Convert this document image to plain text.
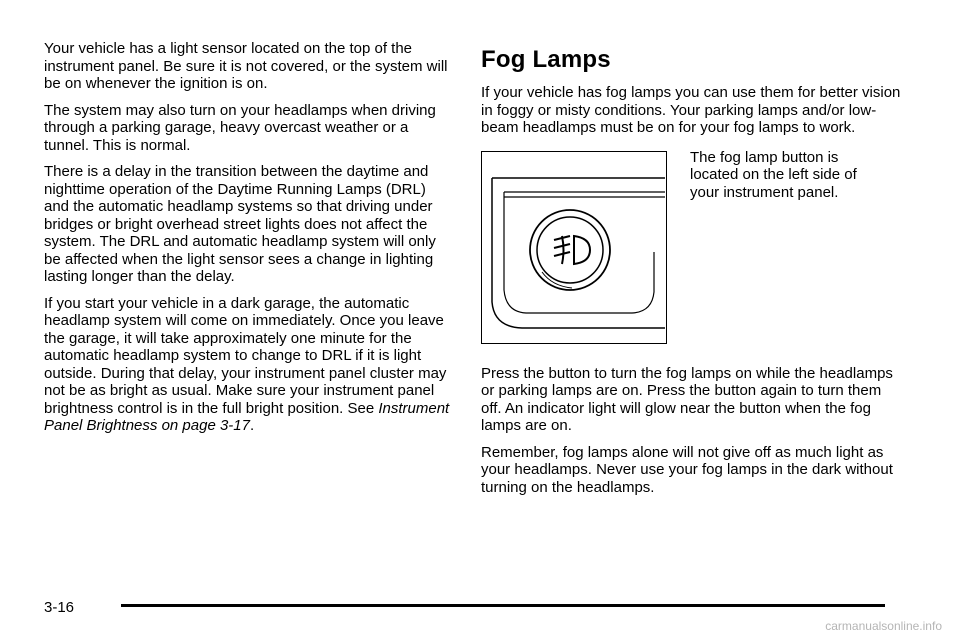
Your vehicle has a light sensor located on the top of the instrument panel. Be sure it is not covered, or the system will be on whenever the ignition is on.

The system may also turn on your headlamps when driving through a parking garage, heavy overcast weather or a tunnel. This is normal.

There is a delay in the transition between the daytime and nighttime operation of the Daytime Running Lamps (DRL) and the automatic headlamp systems so that driving under bridges or bright overhead street lights does not affect the system. The DRL and automatic headlamp system will only be affected when the light sensor sees a change in lighting lasting longer than the delay.

If you start your vehicle in a dark garage, the automatic headlamp system will come on immediately. Once you leave the garage, it will take approximately one minute for the automatic headlamp system to change to DRL if it is light outside. During that delay, your instrument panel cluster may not be as bright as usual. Make sure your instrument panel brightness control is in the full bright position. See Instrument Panel Brightness on page 3-17.

Fog Lamps

If your vehicle has fog lamps you can use them for better vision in foggy or misty conditions. Your parking lamps and/or low-beam headlamps must be on for your fog lamps to work.

The fog lamp button is located on the left side of your instrument panel.

Press the button to turn the fog lamps on while the headlamps or parking lamps are on. Press the button again to turn them off. An indicator light will glow near the button when the fog lamps are on.

Remember, fog lamps alone will not give off as much light as your headlamps. Never use your fog lamps in the dark without turning on the headlamps.

3-16

carmanualsonline.info
